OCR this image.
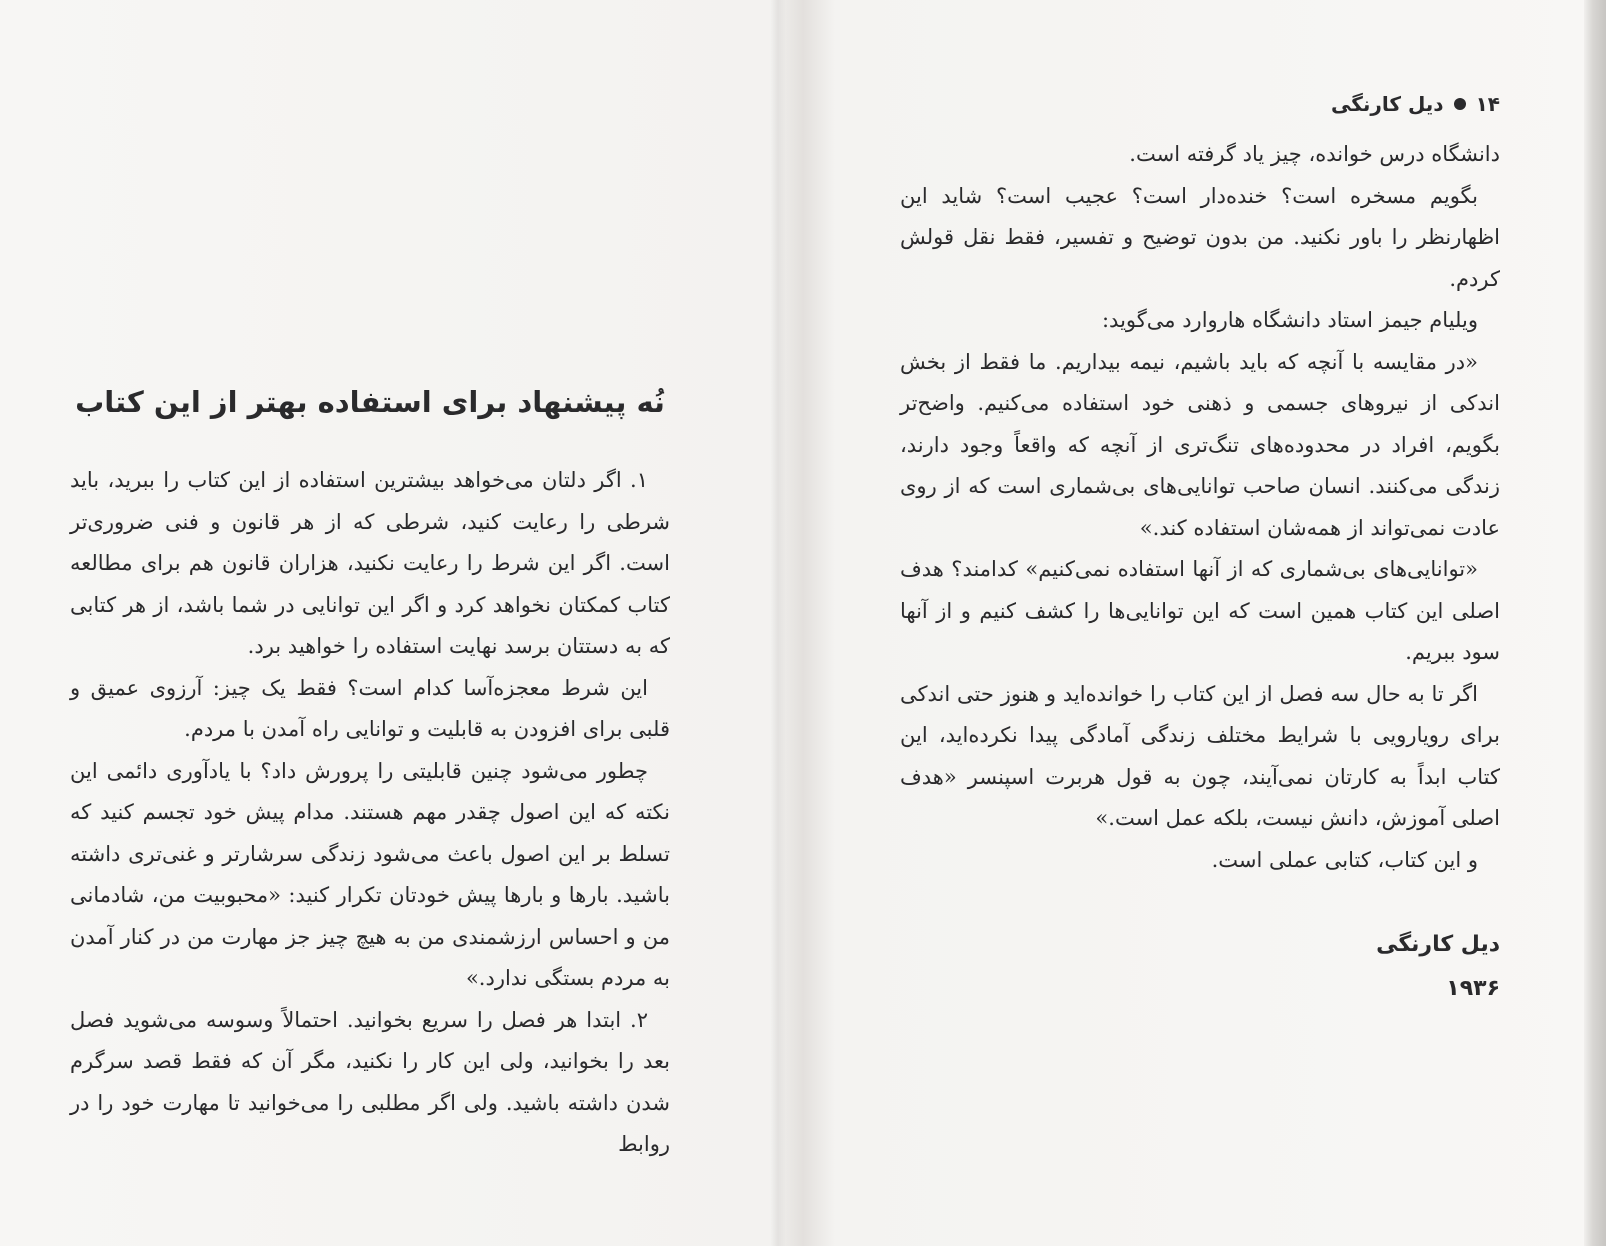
۱۴
دیل کارنگی

دانشگاه درس خوانده، چیز یاد گرفته است.

بگویم مسخره است؟ خنده‌دار است؟ عجیب است؟ شاید این اظهارنظر را باور نکنید. من بدون توضیح و تفسیر، فقط نقل قولش کردم.

ویلیام جیمز استاد دانشگاه هاروارد می‌گوید:

«در مقایسه با آنچه که باید باشیم، نیمه بیداریم. ما فقط از بخش اندکی از نیروهای جسمی و ذهنی خود استفاده می‌کنیم. واضح‌تر بگویم، افراد در محدوده‌های تنگ‌تری از آنچه که واقعاً وجود دارند، زندگی می‌کنند. انسان صاحب توانایی‌های بی‌شماری است که از روی عادت نمی‌تواند از همه‌شان استفاده کند.»

«توانایی‌های بی‌شماری که از آنها استفاده نمی‌کنیم» کدامند؟ هدف اصلی این کتاب همین است که این توانایی‌ها را کشف کنیم و از آنها سود ببریم.

اگر تا به حال سه فصل از این کتاب را خوانده‌اید و هنوز حتی اندکی برای رویارویی با شرایط مختلف زندگی آمادگی پیدا نکرده‌اید، این کتاب ابداً به کارتان نمی‌آیند، چون به قول هربرت اسپنسر «هدف اصلی آموزش، دانش نیست، بلکه عمل است.»

و این کتاب، کتابی عملی است.

دیل کارنگی
۱۹۳۶
نُه پیشنهاد برای استفاده بهتر از این کتاب

۱. اگر دلتان می‌خواهد بیشترین استفاده از این کتاب را ببرید، باید شرطی را رعایت کنید، شرطی که از هر قانون و فنی ضروری‌تر است. اگر این شرط را رعایت نکنید، هزاران قانون هم برای مطالعه کتاب کمکتان نخواهد کرد و اگر این توانایی در شما باشد، از هر کتابی که به دستتان برسد نهایت استفاده را خواهید برد.

این شرط معجزه‌آسا کدام است؟ فقط یک چیز: آرزوی عمیق و قلبی برای افزودن به قابلیت و توانایی راه آمدن با مردم.

چطور می‌شود چنین قابلیتی را پرورش داد؟ با یادآوری دائمی این نکته که این اصول چقدر مهم هستند. مدام پیش خود تجسم کنید که تسلط بر این اصول باعث می‌شود زندگی سرشارتر و غنی‌تری داشته باشید. بارها و بارها پیش خودتان تکرار کنید: «محبوبیت من، شادمانی من و احساس ارزشمندی من به هیچ چیز جز مهارت من در کنار آمدن به مردم بستگی ندارد.»

۲. ابتدا هر فصل را سریع بخوانید. احتمالاً وسوسه می‌شوید فصل بعد را بخوانید، ولی این کار را نکنید، مگر آن که فقط قصد سرگرم شدن داشته باشید. ولی اگر مطلبی را می‌خوانید تا مهارت خود را در روابط
